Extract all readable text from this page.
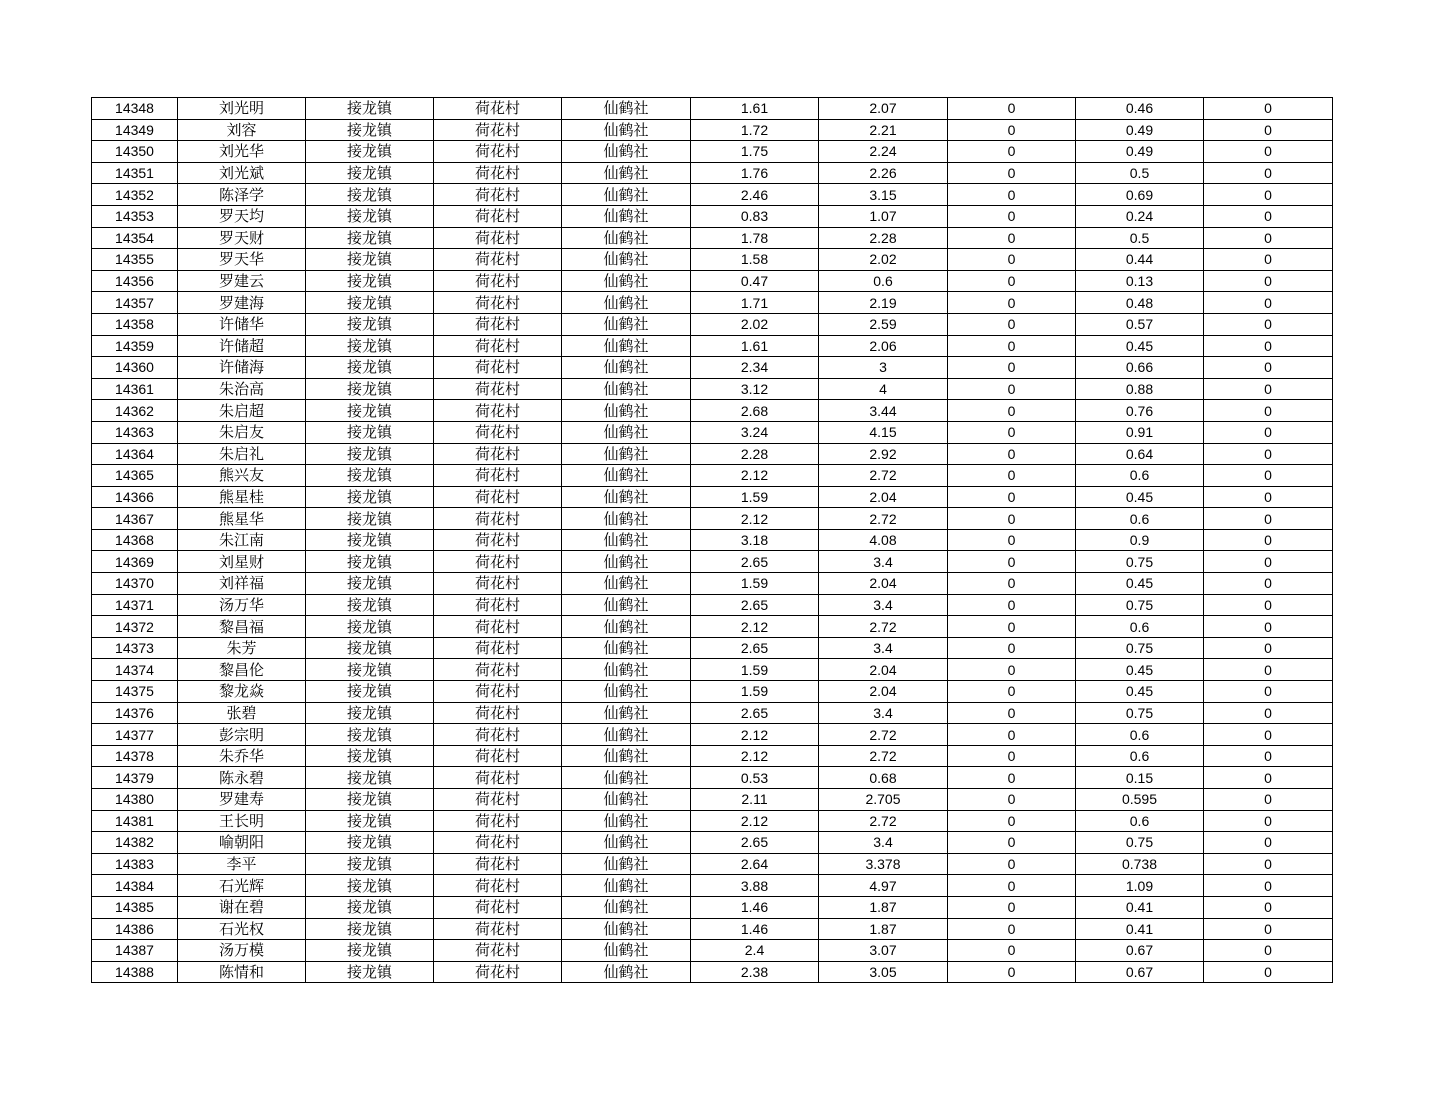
14348	刘光明	接龙镇	荷花村	仙鹤社	1.61	2.07	0	0.46	0
14349	刘容	接龙镇	荷花村	仙鹤社	1.72	2.21	0	0.49	0
14350	刘光华	接龙镇	荷花村	仙鹤社	1.75	2.24	0	0.49	0
14351	刘光斌	接龙镇	荷花村	仙鹤社	1.76	2.26	0	0.5	0
14352	陈泽学	接龙镇	荷花村	仙鹤社	2.46	3.15	0	0.69	0
14353	罗天均	接龙镇	荷花村	仙鹤社	0.83	1.07	0	0.24	0
14354	罗天财	接龙镇	荷花村	仙鹤社	1.78	2.28	0	0.5	0
14355	罗天华	接龙镇	荷花村	仙鹤社	1.58	2.02	0	0.44	0
14356	罗建云	接龙镇	荷花村	仙鹤社	0.47	0.6	0	0.13	0
14357	罗建海	接龙镇	荷花村	仙鹤社	1.71	2.19	0	0.48	0
14358	许储华	接龙镇	荷花村	仙鹤社	2.02	2.59	0	0.57	0
14359	许储超	接龙镇	荷花村	仙鹤社	1.61	2.06	0	0.45	0
14360	许储海	接龙镇	荷花村	仙鹤社	2.34	3	0	0.66	0
14361	朱治高	接龙镇	荷花村	仙鹤社	3.12	4	0	0.88	0
14362	朱启超	接龙镇	荷花村	仙鹤社	2.68	3.44	0	0.76	0
14363	朱启友	接龙镇	荷花村	仙鹤社	3.24	4.15	0	0.91	0
14364	朱启礼	接龙镇	荷花村	仙鹤社	2.28	2.92	0	0.64	0
14365	熊兴友	接龙镇	荷花村	仙鹤社	2.12	2.72	0	0.6	0
14366	熊星桂	接龙镇	荷花村	仙鹤社	1.59	2.04	0	0.45	0
14367	熊星华	接龙镇	荷花村	仙鹤社	2.12	2.72	0	0.6	0
14368	朱江南	接龙镇	荷花村	仙鹤社	3.18	4.08	0	0.9	0
14369	刘星财	接龙镇	荷花村	仙鹤社	2.65	3.4	0	0.75	0
14370	刘祥福	接龙镇	荷花村	仙鹤社	1.59	2.04	0	0.45	0
14371	汤万华	接龙镇	荷花村	仙鹤社	2.65	3.4	0	0.75	0
14372	黎昌福	接龙镇	荷花村	仙鹤社	2.12	2.72	0	0.6	0
14373	朱芳	接龙镇	荷花村	仙鹤社	2.65	3.4	0	0.75	0
14374	黎昌伦	接龙镇	荷花村	仙鹤社	1.59	2.04	0	0.45	0
14375	黎龙焱	接龙镇	荷花村	仙鹤社	1.59	2.04	0	0.45	0
14376	张碧	接龙镇	荷花村	仙鹤社	2.65	3.4	0	0.75	0
14377	彭宗明	接龙镇	荷花村	仙鹤社	2.12	2.72	0	0.6	0
14378	朱乔华	接龙镇	荷花村	仙鹤社	2.12	2.72	0	0.6	0
14379	陈永碧	接龙镇	荷花村	仙鹤社	0.53	0.68	0	0.15	0
14380	罗建寿	接龙镇	荷花村	仙鹤社	2.11	2.705	0	0.595	0
14381	王长明	接龙镇	荷花村	仙鹤社	2.12	2.72	0	0.6	0
14382	喻朝阳	接龙镇	荷花村	仙鹤社	2.65	3.4	0	0.75	0
14383	李平	接龙镇	荷花村	仙鹤社	2.64	3.378	0	0.738	0
14384	石光辉	接龙镇	荷花村	仙鹤社	3.88	4.97	0	1.09	0
14385	谢在碧	接龙镇	荷花村	仙鹤社	1.46	1.87	0	0.41	0
14386	石光权	接龙镇	荷花村	仙鹤社	1.46	1.87	0	0.41	0
14387	汤万模	接龙镇	荷花村	仙鹤社	2.4	3.07	0	0.67	0
14388	陈情和	接龙镇	荷花村	仙鹤社	2.38	3.05	0	0.67	0
